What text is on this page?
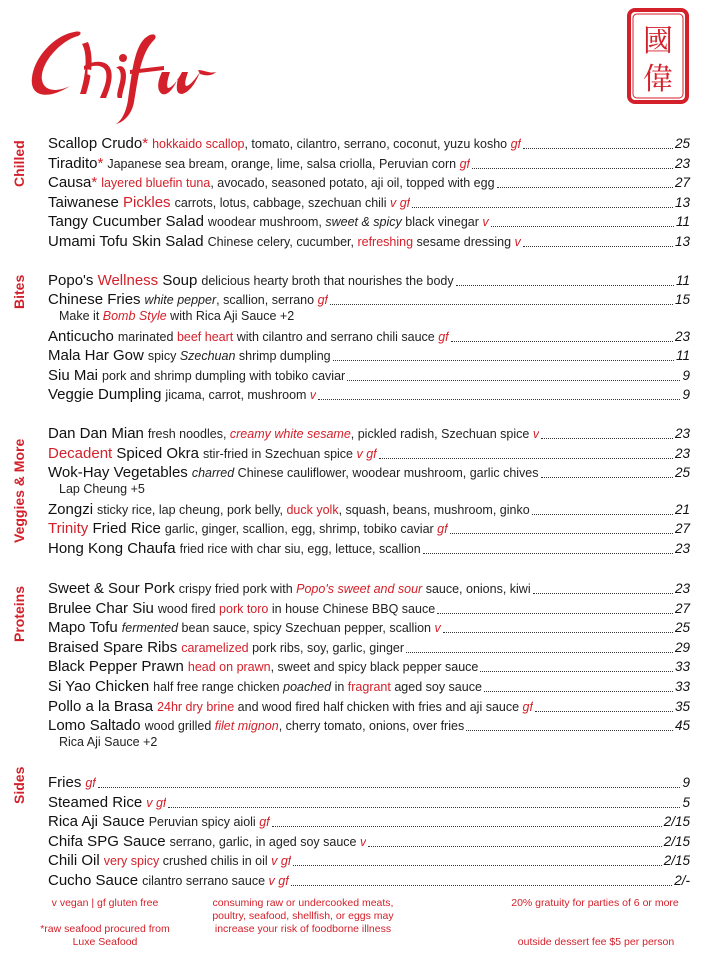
國
偉
Chilled Scallop Crudo* hokkaido scallop, tomato, cilantro, serrano, coconut, yuzu kosho gf	25
Tiradito* Japanese sea bream, orange, lime, salsa criolla, Peruvian corn gf	23
Causa* layered bluefin tuna, avocado, seasoned potato, aji oil, topped with egg	27
Taiwanese Pickles carrots, lotus, cabbage, szechuan chili v gf	13
Tangy Cucumber Salad woodear mushroom, sweet & spicy black vinegar v	11
Umami Tofu Skin Salad Chinese celery, cucumber, refreshing sesame dressing v	13
Bites Popo's Wellness Soup delicious hearty broth that nourishes the body	11
Chinese Fries white pepper, scallion, serrano gf	15
Make it Bomb Style with Rica Aji Sauce +2
Anticucho marinated beef heart with cilantro and serrano chili sauce gf	23
Mala Har Gow spicy Szechuan shrimp dumpling	11
Siu Mai pork and shrimp dumpling with tobiko caviar	9
Veggie Dumpling jicama, carrot, mushroom v	9
Veggies & More
Dan Dan Mian fresh noodles, creamy white sesame, pickled radish, Szechuan spice v	23
Decadent Spiced Okra stir-fried in Szechuan spice v gf	23
Wok-Hay Vegetables charred Chinese cauliflower, woodear mushroom, garlic chives	25
Lap Cheung +5
Zongzi sticky rice, lap cheung, pork belly, duck yolk, squash, beans, mushroom, ginko	21
Trinity Fried Rice garlic, ginger, scallion, egg, shrimp, tobiko caviar gf	27
Hong Kong Chaufa fried rice with char siu, egg, lettuce, scallion	23
Proteins Sweet & Sour Pork crispy fried pork with Popo's sweet and sour sauce, onions, kiwi	23
Brulee Char Siu wood fired pork toro in house Chinese BBQ sauce	27
Mapo Tofu fermented bean sauce, spicy Szechuan pepper, scallion v	25
Braised Spare Ribs caramelized pork ribs, soy, garlic, ginger	29
Black Pepper Prawn head on prawn, sweet and spicy black pepper sauce	33
Si Yao Chicken half free range chicken poached in fragrant aged soy sauce	33
Pollo a la Brasa 24hr dry brine and wood fired half chicken with fries and aji sauce gf	35
Lomo Saltado wood grilled filet mignon, cherry tomato, onions, over fries	45
Rica Aji Sauce +2
Sides Fries gf	9
Steamed Rice v gf	5
Rica Aji Sauce Peruvian spicy aioli gf	2/15
Chifa SPG Sauce serrano, garlic, in aged soy sauce v	2/15
Chili Oil very spicy crushed chilis in oil v gf	2/15
Cucho Sauce cilantro serrano sauce v gf	2/-
v vegan | gf gluten free
*raw seafood procured from Luxe Seafood
consuming raw or undercooked meats, poultry, seafood, shellfish, or eggs may increase your risk of foodborne illness
20% gratuity for parties of 6 or more
outside dessert fee $5 per person
